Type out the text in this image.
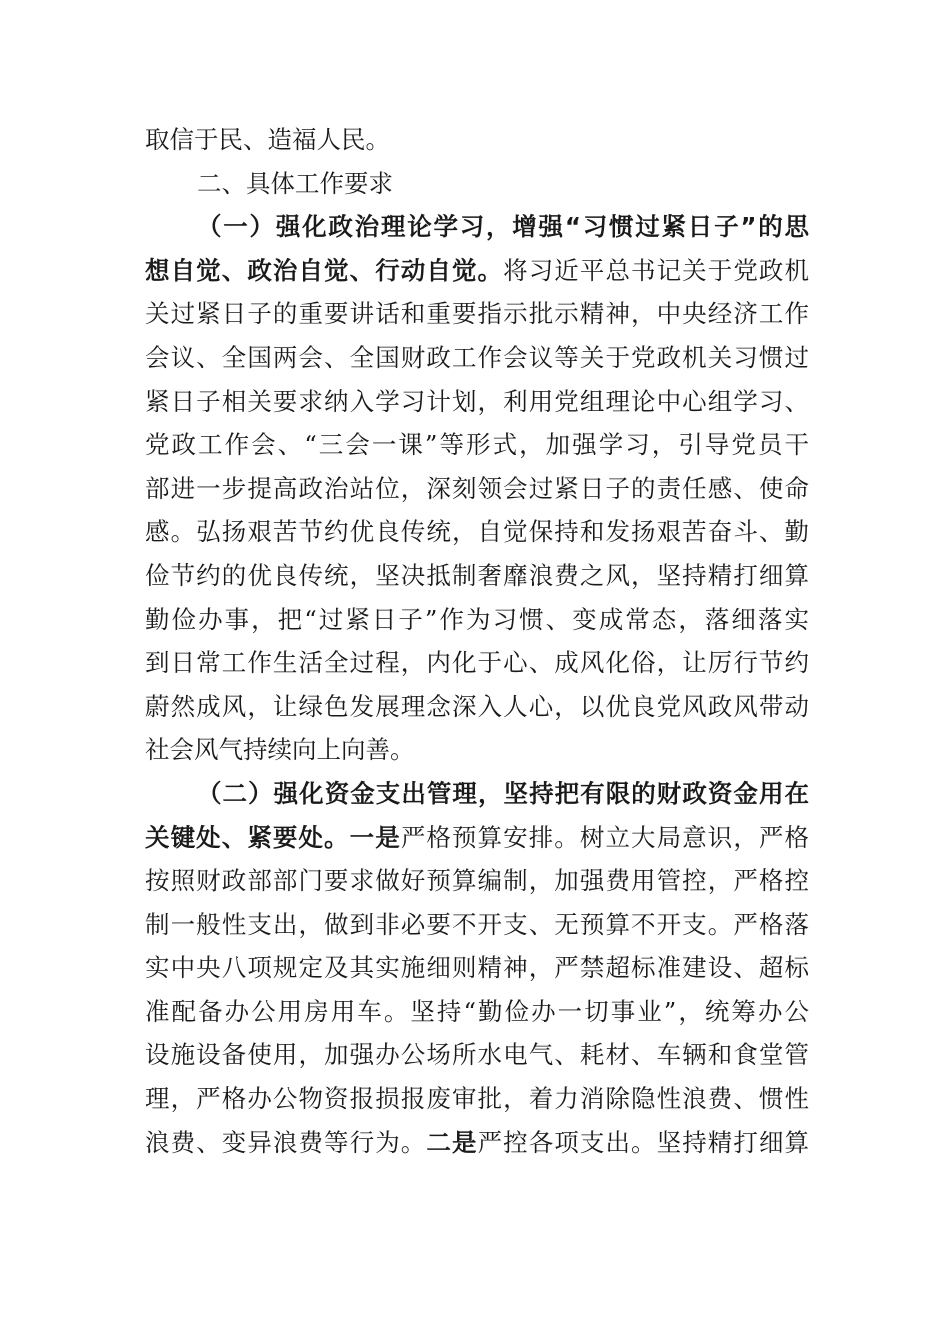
取信于民、造福人民。
二、具体工作要求
（一）强化政治理论学习，增强“习惯过紧日子”的思
想自觉、政治自觉、行动自觉。将习近平总书记关于党政机
关过紧日子的重要讲话和重要指示批示精神，中央经济工作
会议、全国两会、全国财政工作会议等关于党政机关习惯过
紧日子相关要求纳入学习计划，利用党组理论中心组学习、
党政工作会、“三会一课”等形式，加强学习，引导党员干
部进一步提高政治站位，深刻领会过紧日子的责任感、使命
感。弘扬艰苦节约优良传统，自觉保持和发扬艰苦奋斗、勤
俭节约的优良传统，坚决抵制奢靡浪费之风，坚持精打细算
勤俭办事，把“过紧日子”作为习惯、变成常态，落细落实
到日常工作生活全过程，内化于心、成风化俗，让厉行节约
蔚然成风，让绿色发展理念深入人心，以优良党风政风带动
社会风气持续向上向善。
（二）强化资金支出管理，坚持把有限的财政资金用在
关键处、紧要处。一是严格预算安排。树立大局意识，严格
按照财政部部门要求做好预算编制，加强费用管控，严格控
制一般性支出，做到非必要不开支、无预算不开支。严格落
实中央八项规定及其实施细则精神，严禁超标准建设、超标
准配备办公用房用车。坚持“勤俭办一切事业”，统筹办公
设施设备使用，加强办公场所水电气、耗材、车辆和食堂管
理，严格办公物资报损报废审批，着力消除隐性浪费、惯性
浪费、变异浪费等行为。二是严控各项支出。坚持精打细算
